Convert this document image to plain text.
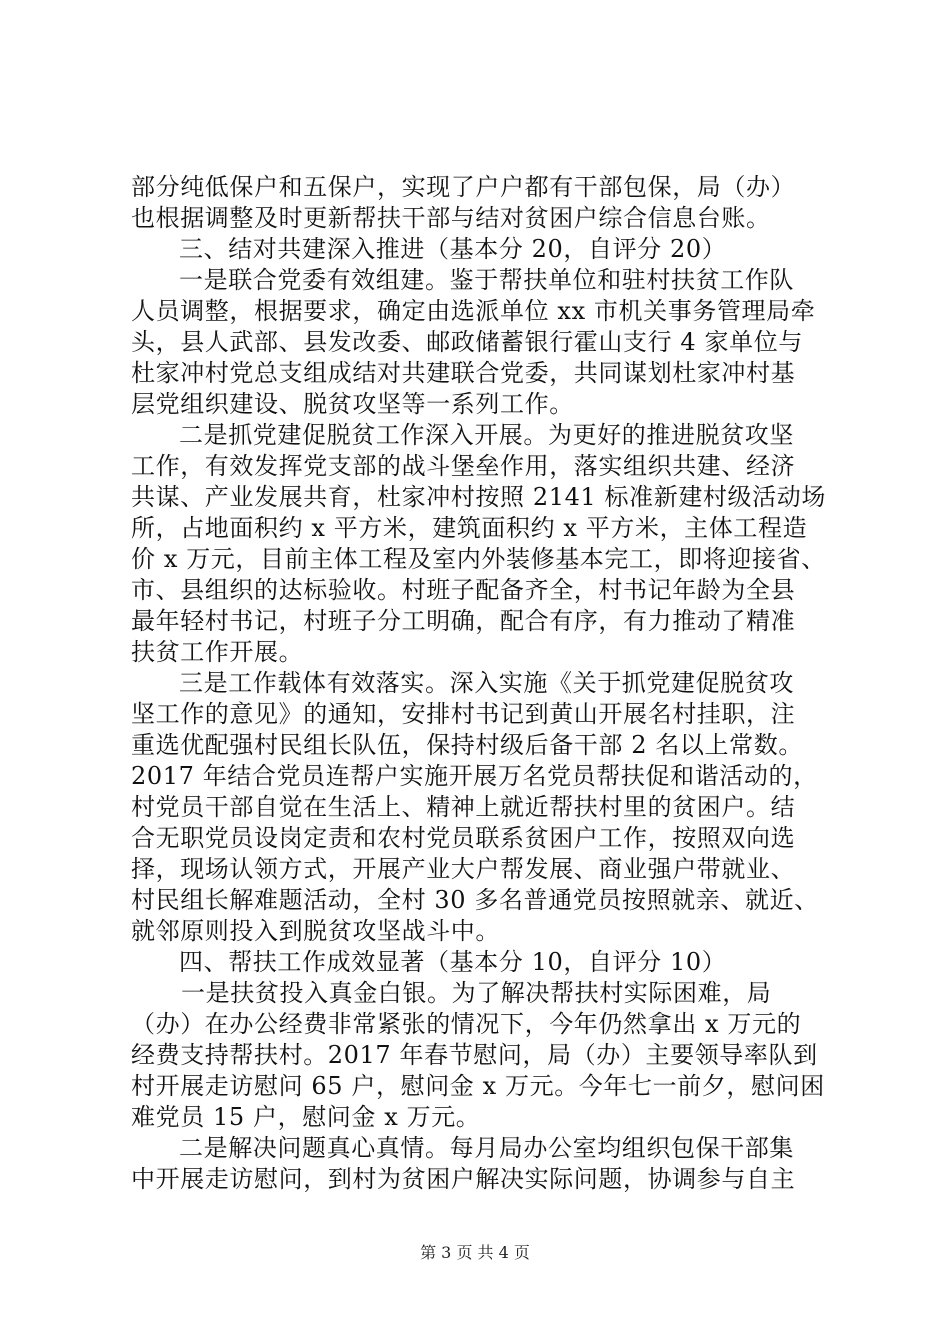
部分纯低保户和五保户，实现了户户都有干部包保，局（办）
也根据调整及时更新帮扶干部与结对贫困户综合信息台账。
三、结对共建深入推进（基本分 20，自评分 20）
一是联合党委有效组建。鉴于帮扶单位和驻村扶贫工作队
人员调整，根据要求，确定由选派单位 xx 市机关事务管理局牵
头，县人武部、县发改委、邮政储蓄银行霍山支行 4 家单位与
杜家冲村党总支组成结对共建联合党委，共同谋划杜家冲村基
层党组织建设、脱贫攻坚等一系列工作。
二是抓党建促脱贫工作深入开展。为更好的推进脱贫攻坚
工作，有效发挥党支部的战斗堡垒作用，落实组织共建、经济
共谋、产业发展共育，杜家冲村按照 2141 标准新建村级活动场
所，占地面积约 x 平方米，建筑面积约 x 平方米，主体工程造
价 x 万元，目前主体工程及室内外装修基本完工，即将迎接省、
市、县组织的达标验收。村班子配备齐全，村书记年龄为全县
最年轻村书记，村班子分工明确，配合有序，有力推动了精准
扶贫工作开展。
三是工作载体有效落实。深入实施《关于抓党建促脱贫攻
坚工作的意见》的通知，安排村书记到黄山开展名村挂职，注
重选优配强村民组长队伍，保持村级后备干部 2 名以上常数。
2017 年结合党员连帮户实施开展万名党员帮扶促和谐活动的，
村党员干部自觉在生活上、精神上就近帮扶村里的贫困户。结
合无职党员设岗定责和农村党员联系贫困户工作，按照双向选
择，现场认领方式，开展产业大户帮发展、商业强户带就业、
村民组长解难题活动，全村 30 多名普通党员按照就亲、就近、
就邻原则投入到脱贫攻坚战斗中。
四、帮扶工作成效显著（基本分 10，自评分 10）
一是扶贫投入真金白银。为了解决帮扶村实际困难，局
（办）在办公经费非常紧张的情况下，今年仍然拿出 x 万元的
经费支持帮扶村。2017 年春节慰问，局（办）主要领导率队到
村开展走访慰问 65 户，慰问金 x 万元。今年七一前夕，慰问困
难党员 15 户，慰问金 x 万元。
二是解决问题真心真情。每月局办公室均组织包保干部集
中开展走访慰问，到村为贫困户解决实际问题，协调参与自主
第 3 页 共 4 页
